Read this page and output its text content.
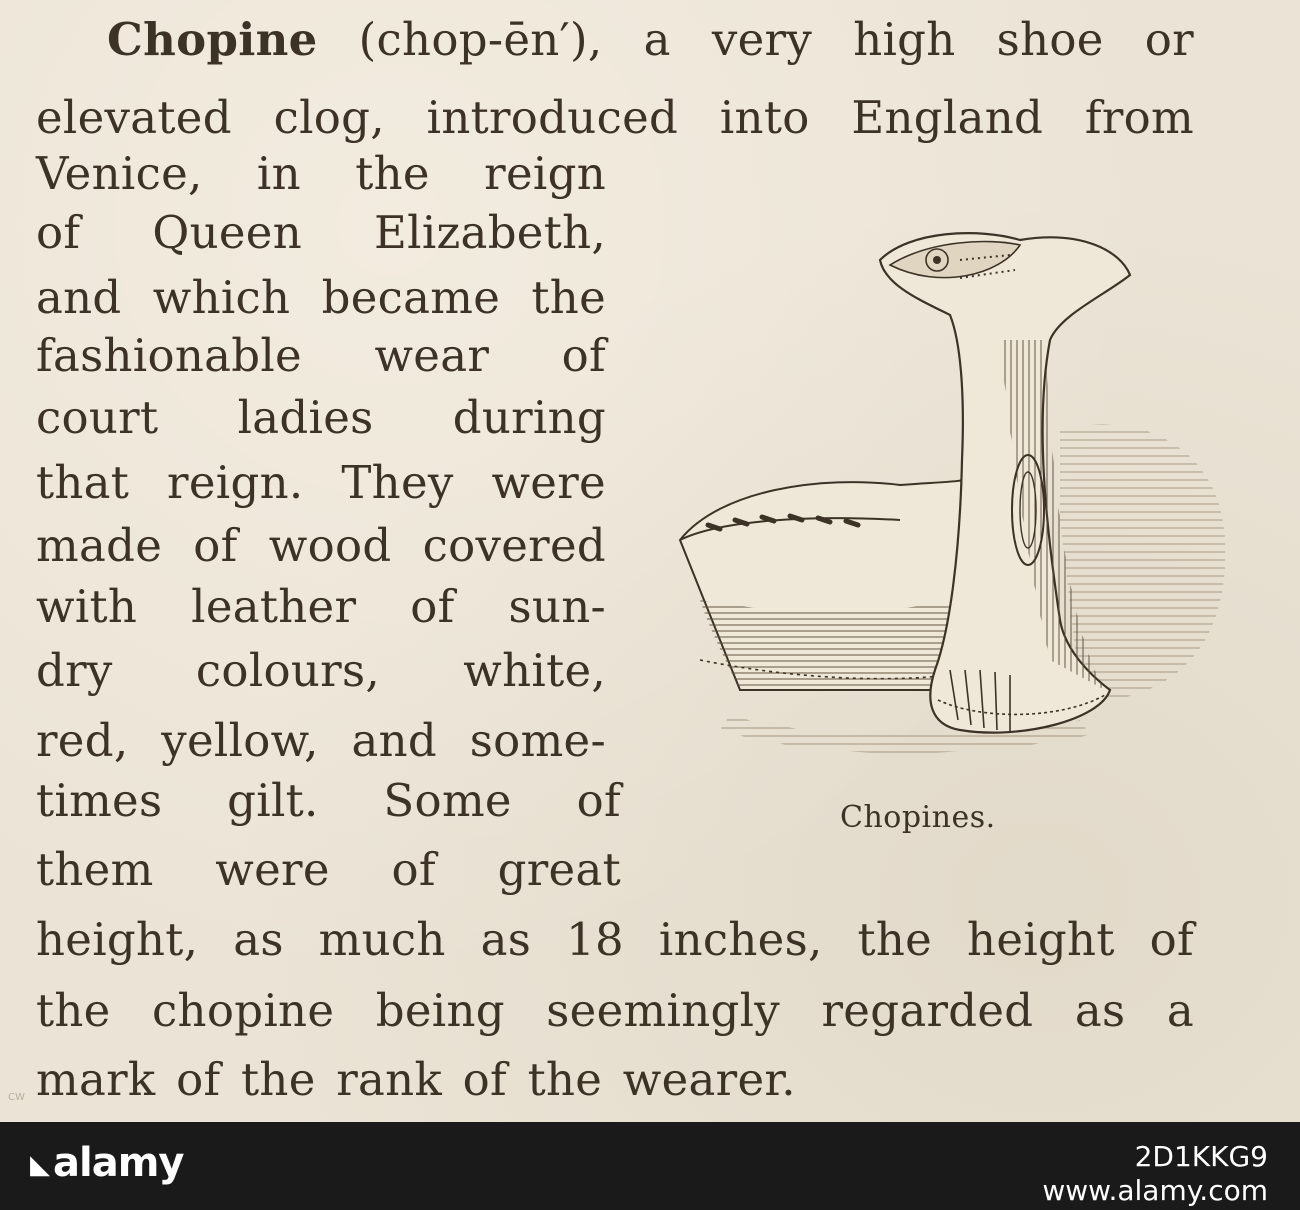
Chopine (chop-ēn′), a very high shoe or
elevated clog, introduced into England from
Venice, in the reign
of Queen Elizabeth,
and which became the
fashionable wear of
court ladies during
that reign. They were
made of wood covered
with leather of sun-
dry colours, white,
red, yellow, and some-
times gilt. Some of
them were of great
height, as much as 18 inches, the height of
the chopine being seemingly regarded as a
mark of the rank of the wearer.
Chopines.
CW
◣ alamy	2D1KKG9
www.alamy.com
